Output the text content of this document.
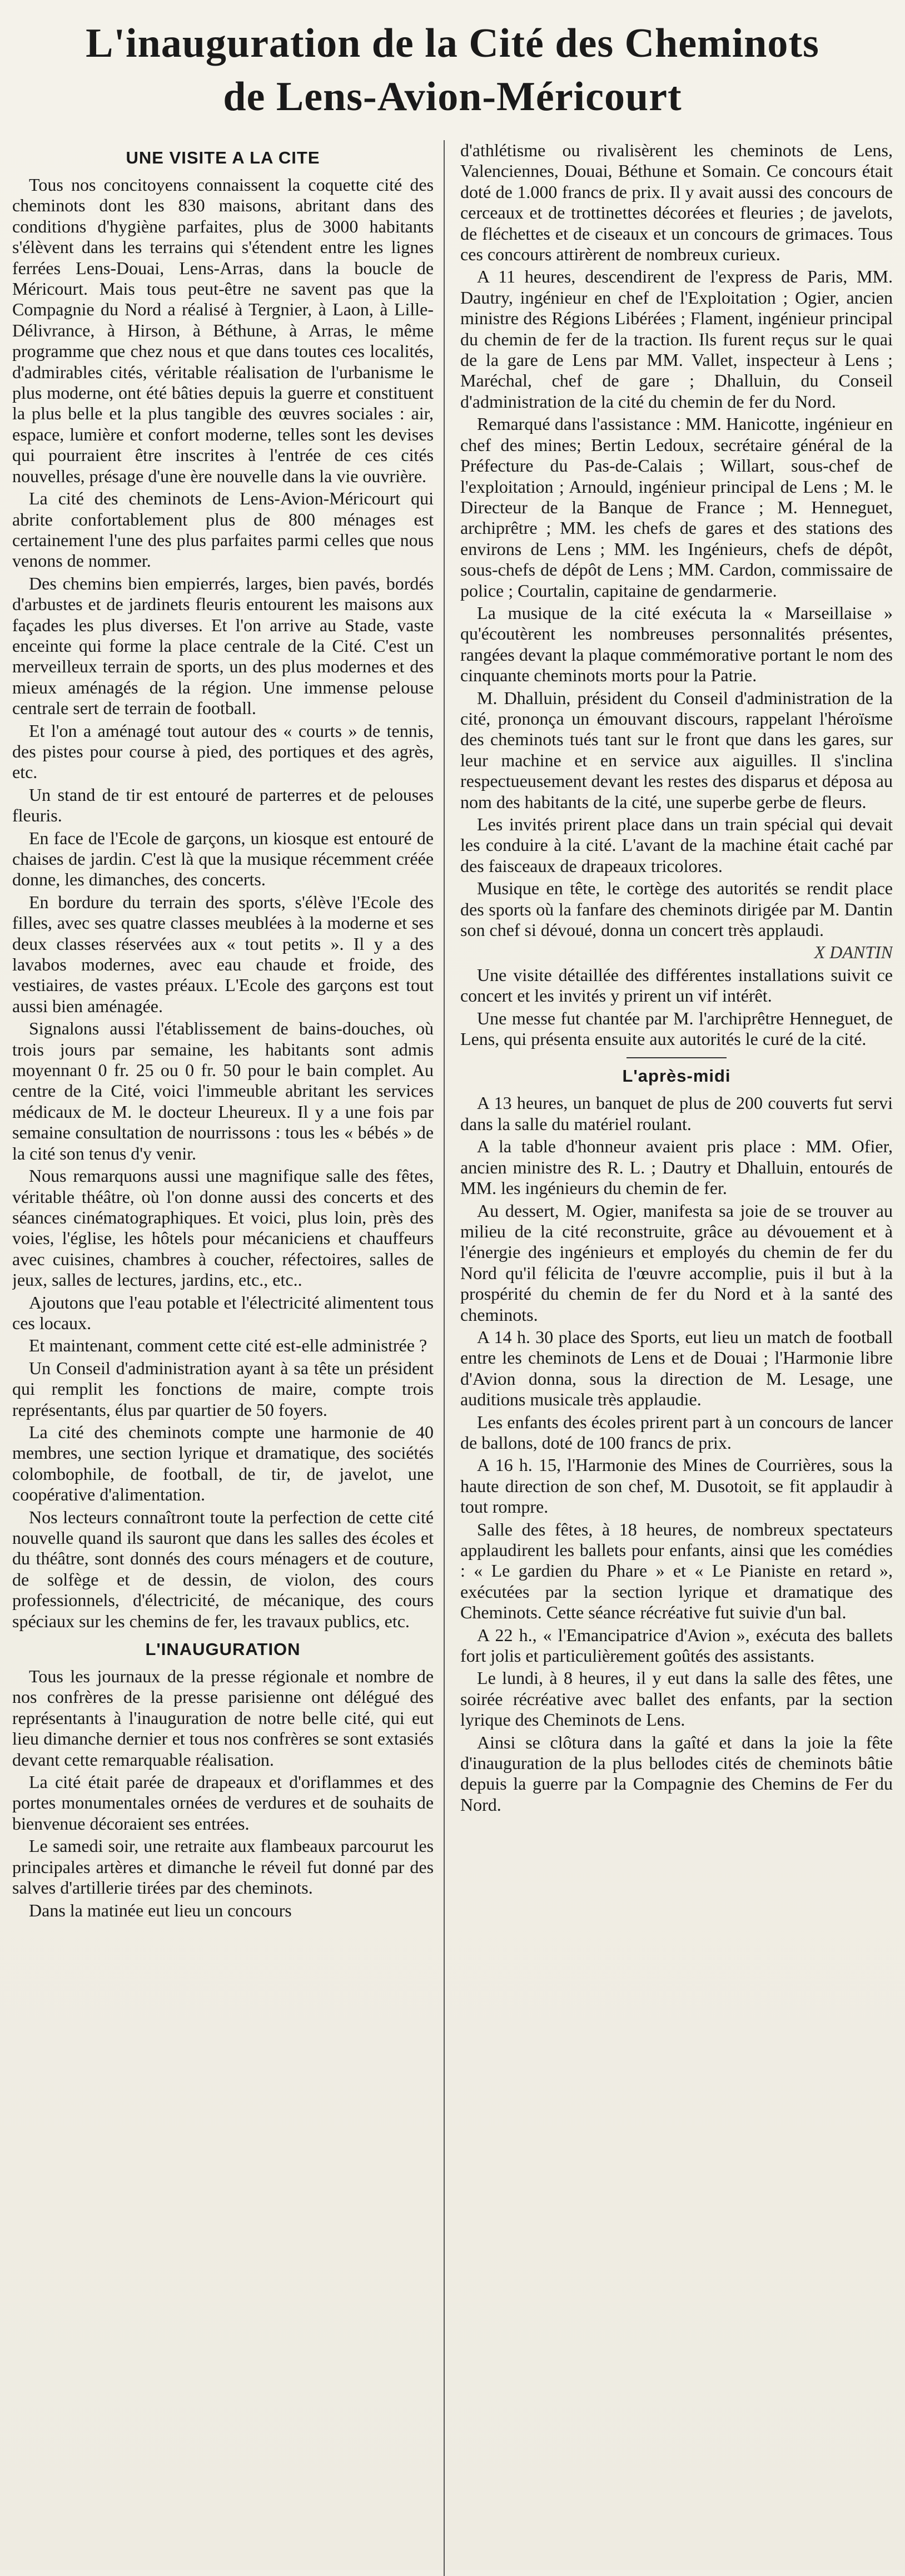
L'inauguration de la Cité des Cheminots
de Lens-Avion-Méricourt
UNE VISITE A LA CITE

Tous nos concitoyens connaissent la coquette cité des cheminots dont les 830 maisons, abritant dans des conditions d'hygiène parfaites, plus de 3000 habitants s'élèvent dans les terrains qui s'étendent entre les lignes ferrées Lens-Douai, Lens-Arras, dans la boucle de Méricourt. Mais tous peut-être ne savent pas que la Compagnie du Nord a réalisé à Tergnier, à Laon, à Lille-Délivrance, à Hirson, à Béthune, à Arras, le même programme que chez nous et que dans toutes ces localités, d'admirables cités, véritable réalisation de l'urbanisme le plus moderne, ont été bâties depuis la guerre et constituent la plus belle et la plus tangible des œuvres sociales : air, espace, lumière et confort moderne, telles sont les devises qui pourraient être inscrites à l'entrée de ces cités nouvelles, présage d'une ère nouvelle dans la vie ouvrière.

La cité des cheminots de Lens-Avion-Méricourt qui abrite confortablement plus de 800 ménages est certainement l'une des plus parfaites parmi celles que nous venons de nommer.

Des chemins bien empierrés, larges, bien pavés, bordés d'arbustes et de jardinets fleuris entourent les maisons aux façades les plus diverses. Et l'on arrive au Stade, vaste enceinte qui forme la place centrale de la Cité. C'est un merveilleux terrain de sports, un des plus modernes et des mieux aménagés de la région. Une immense pelouse centrale sert de terrain de football.

Et l'on a aménagé tout autour des « courts » de tennis, des pistes pour course à pied, des portiques et des agrès, etc.

Un stand de tir est entouré de parterres et de pelouses fleuris.

En face de l'Ecole de garçons, un kiosque est entouré de chaises de jardin. C'est là que la musique récemment créée donne, les dimanches, des concerts.

En bordure du terrain des sports, s'élève l'Ecole des filles, avec ses quatre classes meublées à la moderne et ses deux classes réservées aux « tout petits ». Il y a des lavabos modernes, avec eau chaude et froide, des vestiaires, de vastes préaux. L'Ecole des garçons est tout aussi bien aménagée.

Signalons aussi l'établissement de bains-douches, où trois jours par semaine, les habitants sont admis moyennant 0 fr. 25 ou 0 fr. 50 pour le bain complet. Au centre de la Cité, voici l'immeuble abritant les services médicaux de M. le docteur Lheureux. Il y a une fois par semaine consultation de nourrissons : tous les « bébés » de la cité son tenus d'y venir.

Nous remarquons aussi une magnifique salle des fêtes, véritable théâtre, où l'on donne aussi des concerts et des séances cinématographiques. Et voici, plus loin, près des voies, l'église, les hôtels pour mécaniciens et chauffeurs avec cuisines, chambres à coucher, réfectoires, salles de jeux, salles de lectures, jardins, etc., etc..

Ajoutons que l'eau potable et l'électricité alimentent tous ces locaux.

Et maintenant, comment cette cité est-elle administrée ?

Un Conseil d'administration ayant à sa tête un président qui remplit les fonctions de maire, compte trois représentants, élus par quartier de 50 foyers.

La cité des cheminots compte une harmonie de 40 membres, une section lyrique et dramatique, des sociétés colombophile, de football, de tir, de javelot, une coopérative d'alimentation.

Nos lecteurs connaîtront toute la perfection de cette cité nouvelle quand ils sauront que dans les salles des écoles et du théâtre, sont donnés des cours ménagers et de couture, de solfège et de dessin, de violon, des cours professionnels, d'électricité, de mécanique, des cours spéciaux sur les chemins de fer, les travaux publics, etc.

L'INAUGURATION

Tous les journaux de la presse régionale et nombre de nos confrères de la presse parisienne ont délégué des représentants à l'inauguration de notre belle cité, qui eut lieu dimanche dernier et tous nos confrères se sont extasiés devant cette remarquable réalisation.

La cité était parée de drapeaux et d'oriflammes et des portes monumentales ornées de verdures et de souhaits de bienvenue décoraient ses entrées.

Le samedi soir, une retraite aux flambeaux parcourut les principales artères et dimanche le réveil fut donné par des salves d'artillerie tirées par des cheminots.

Dans la matinée eut lieu un concours

d'athlétisme ou rivalisèrent les cheminots de Lens, Valenciennes, Douai, Béthune et Somain. Ce concours était doté de 1.000 francs de prix. Il y avait aussi des concours de cerceaux et de trottinettes décorées et fleuries ; de javelots, de fléchettes et de ciseaux et un concours de grimaces. Tous ces concours attirèrent de nombreux curieux.

A 11 heures, descendirent de l'express de Paris, MM. Dautry, ingénieur en chef de l'Exploitation ; Ogier, ancien ministre des Régions Libérées ; Flament, ingénieur principal du chemin de fer de la traction. Ils furent reçus sur le quai de la gare de Lens par MM. Vallet, inspecteur à Lens ; Maréchal, chef de gare ; Dhalluin, du Conseil d'administration de la cité du chemin de fer du Nord.

Remarqué dans l'assistance : MM. Hanicotte, ingénieur en chef des mines; Bertin Ledoux, secrétaire général de la Préfecture du Pas-de-Calais ; Willart, sous-chef de l'exploitation ; Arnould, ingénieur principal de Lens ; M. le Directeur de la Banque de France ; M. Henneguet, archiprêtre ; MM. les chefs de gares et des stations des environs de Lens ; MM. les Ingénieurs, chefs de dépôt, sous-chefs de dépôt de Lens ; MM. Cardon, commissaire de police ; Courtalin, capitaine de gendarmerie.

La musique de la cité exécuta la « Marseillaise » qu'écoutèrent les nombreuses personnalités présentes, rangées devant la plaque commémorative portant le nom des cinquante cheminots morts pour la Patrie.

M. Dhalluin, président du Conseil d'administration de la cité, prononça un émouvant discours, rappelant l'héroïsme des cheminots tués tant sur le front que dans les gares, sur leur machine et en service aux aiguilles. Il s'inclina respectueusement devant les restes des disparus et déposa au nom des habitants de la cité, une superbe gerbe de fleurs.

Les invités prirent place dans un train spécial qui devait les conduire à la cité. L'avant de la machine était caché par des faisceaux de drapeaux tricolores.

Musique en tête, le cortège des autorités se rendit place des sports où la fanfare des cheminots dirigée par M. Dantin son chef si dévoué, donna un concert très applaudi.

X DANTIN

Une visite détaillée des différentes installations suivit ce concert et les invités y prirent un vif intérêt.

Une messe fut chantée par M. l'archiprêtre Henneguet, de Lens, qui présenta ensuite aux autorités le curé de la cité.

L'après-midi

A 13 heures, un banquet de plus de 200 couverts fut servi dans la salle du matériel roulant.

A la table d'honneur avaient pris place : MM. Ofier, ancien ministre des R. L. ; Dautry et Dhalluin, entourés de MM. les ingénieurs du chemin de fer.

Au dessert, M. Ogier, manifesta sa joie de se trouver au milieu de la cité reconstruite, grâce au dévouement et à l'énergie des ingénieurs et employés du chemin de fer du Nord qu'il félicita de l'œuvre accomplie, puis il but à la prospérité du chemin de fer du Nord et à la santé des cheminots.

A 14 h. 30 place des Sports, eut lieu un match de football entre les cheminots de Lens et de Douai ; l'Harmonie libre d'Avion donna, sous la direction de M. Lesage, une auditions musicale très applaudie.

Les enfants des écoles prirent part à un concours de lancer de ballons, doté de 100 francs de prix.

A 16 h. 15, l'Harmonie des Mines de Courrières, sous la haute direction de son chef, M. Dusotoit, se fit applaudir à tout rompre.

Salle des fêtes, à 18 heures, de nombreux spectateurs applaudirent les ballets pour enfants, ainsi que les comédies : « Le gardien du Phare » et « Le Pianiste en retard », exécutées par la section lyrique et dramatique des Cheminots. Cette séance récréative fut suivie d'un bal.

A 22 h., « l'Emancipatrice d'Avion », exécuta des ballets fort jolis et particulièrement goûtés des assistants.

Le lundi, à 8 heures, il y eut dans la salle des fêtes, une soirée récréative avec ballet des enfants, par la section lyrique des Cheminots de Lens.

Ainsi se clôtura dans la gaîté et dans la joie la fête d'inauguration de la plus bellodes cités de cheminots bâtie depuis la guerre par la Compagnie des Chemins de Fer du Nord.
